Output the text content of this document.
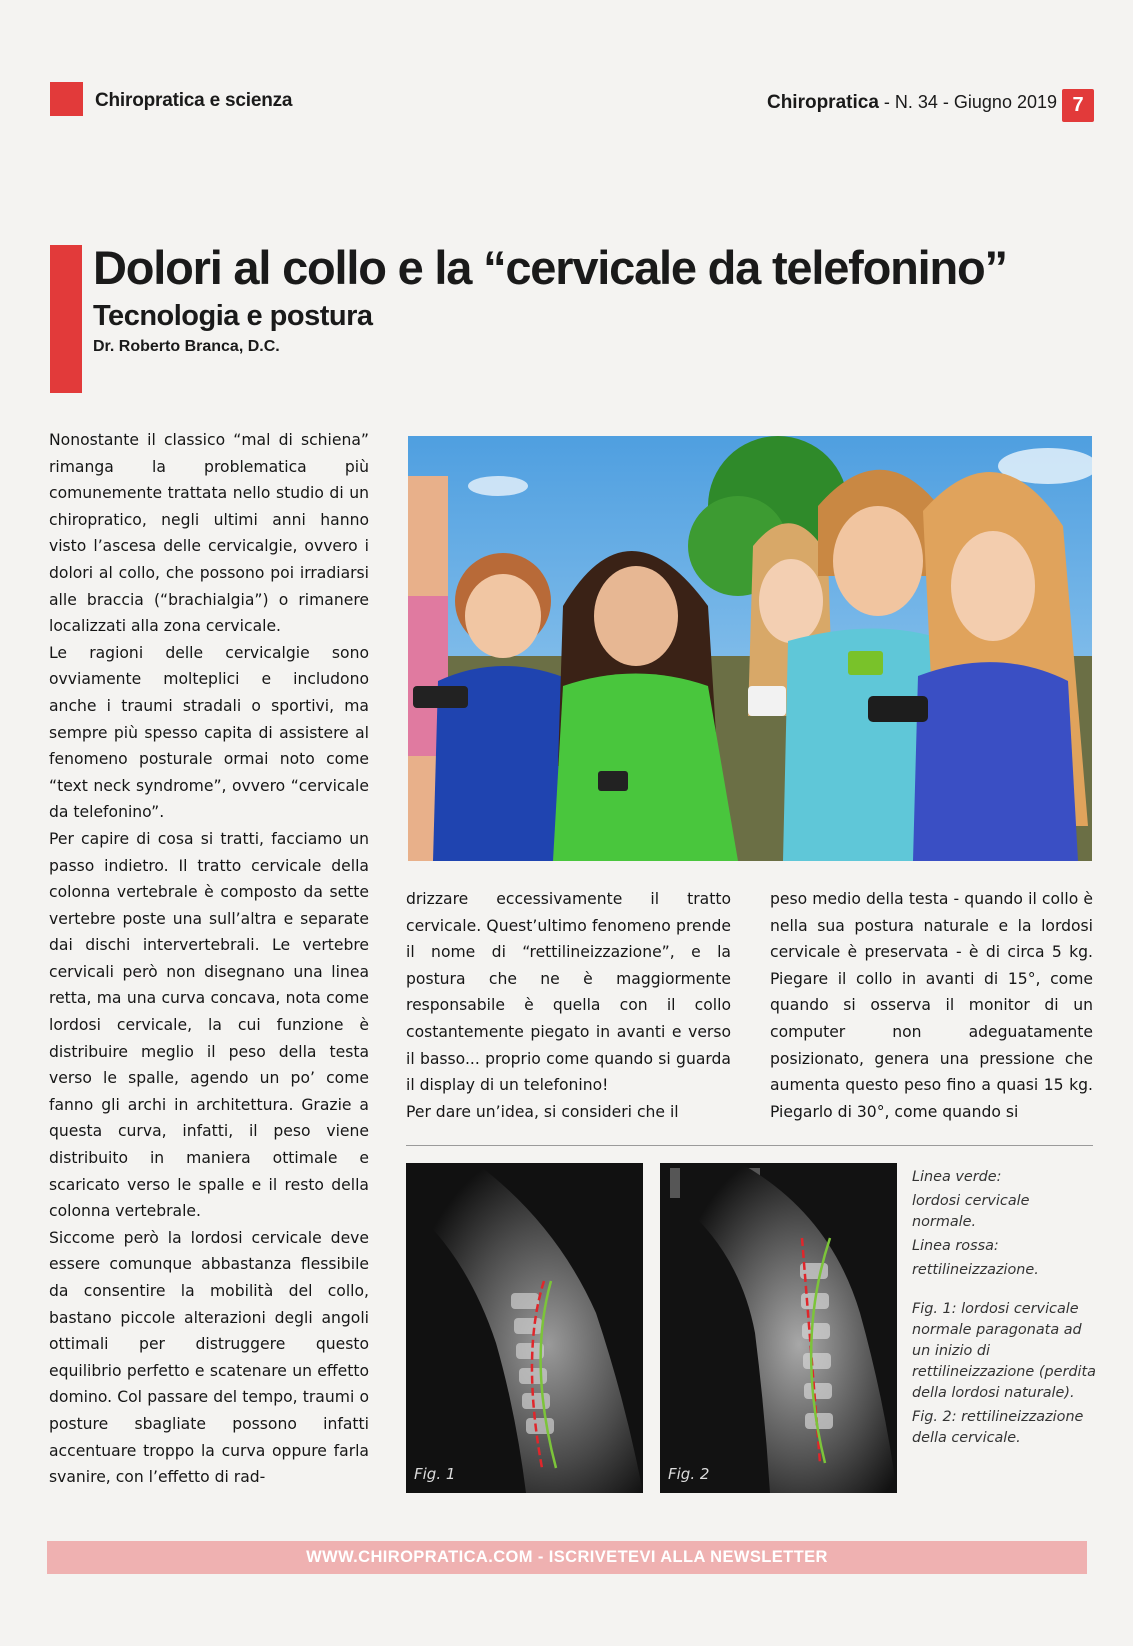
Chiropratica e scienza	Chiropratica - N. 34 - Giugno 2019 7
Dolori al collo e la “cervicale da telefonino”
Tecnologia e postura
Dr. Roberto Branca, D.C.

Nonostante il classico “mal di schiena” rimanga la problematica più comunemente trattata nello studio di un chiropratico, negli ultimi anni hanno visto l’ascesa delle cervicalgie, ovvero i dolori al collo, che possono poi irradiarsi alle braccia (“brachialgia”) o rimanere localizzati alla zona cervicale.

Le ragioni delle cervicalgie sono ovviamente molteplici e includono anche i traumi stradali o sportivi, ma sempre più spesso capita di assistere al fenomeno posturale ormai noto come “text neck syndrome”, ovvero “cervicale da telefonino”.

Per capire di cosa si tratti, facciamo un passo indietro. Il tratto cervicale della colonna vertebrale è composto da sette vertebre poste una sull’altra e separate dai dischi intervertebrali. Le vertebre cervicali però non disegnano una linea retta, ma una curva concava, nota come lordosi cervicale, la cui funzione è distribuire meglio il peso della testa verso le spalle, agendo un po’ come fanno gli archi in architettura. Grazie a questa curva, infatti, il peso viene distribuito in maniera ottimale e scaricato verso le spalle e il resto della colonna vertebrale.

Siccome però la lordosi cervicale deve essere comunque abbastanza flessibile da consentire la mobilità del collo, bastano piccole alterazioni degli angoli ottimali per distruggere questo equilibrio perfetto e scatenare un effetto domino. Col passare del tempo, traumi o posture sbagliate possono infatti accentuare troppo la curva oppure farla svanire, con l’effetto di rad-

drizzare eccessivamente il tratto cervicale. Quest’ultimo fenomeno prende il nome di “rettilineizzazione”, e la postura che ne è maggiormente responsabile è quella con il collo costantemente piegato in avanti e verso il basso... proprio come quando si guarda il display di un telefonino!

Per dare un’idea, si consideri che il

peso medio della testa - quando il collo è nella sua postura naturale e la lordosi cervicale è preservata - è di circa 5 kg. Piegare il collo in avanti di 15°, come quando si osserva il monitor di un computer non adeguatamente posizionato, genera una pressione che aumenta questo peso fino a quasi 15 kg. Piegarlo di 30°, come quando si

Fig. 1	Fig. 2

Linea verde:

lordosi cervicale normale.

Linea rossa:

rettilineizzazione.

Fig. 1: lordosi cervicale normale paragonata ad un inizio di rettilineizzazione (perdita della lordosi naturale).

Fig. 2: rettilineizzazione della cervicale.

WWW.CHIROPRATICA.COM - ISCRIVETEVI ALLA NEWSLETTER
